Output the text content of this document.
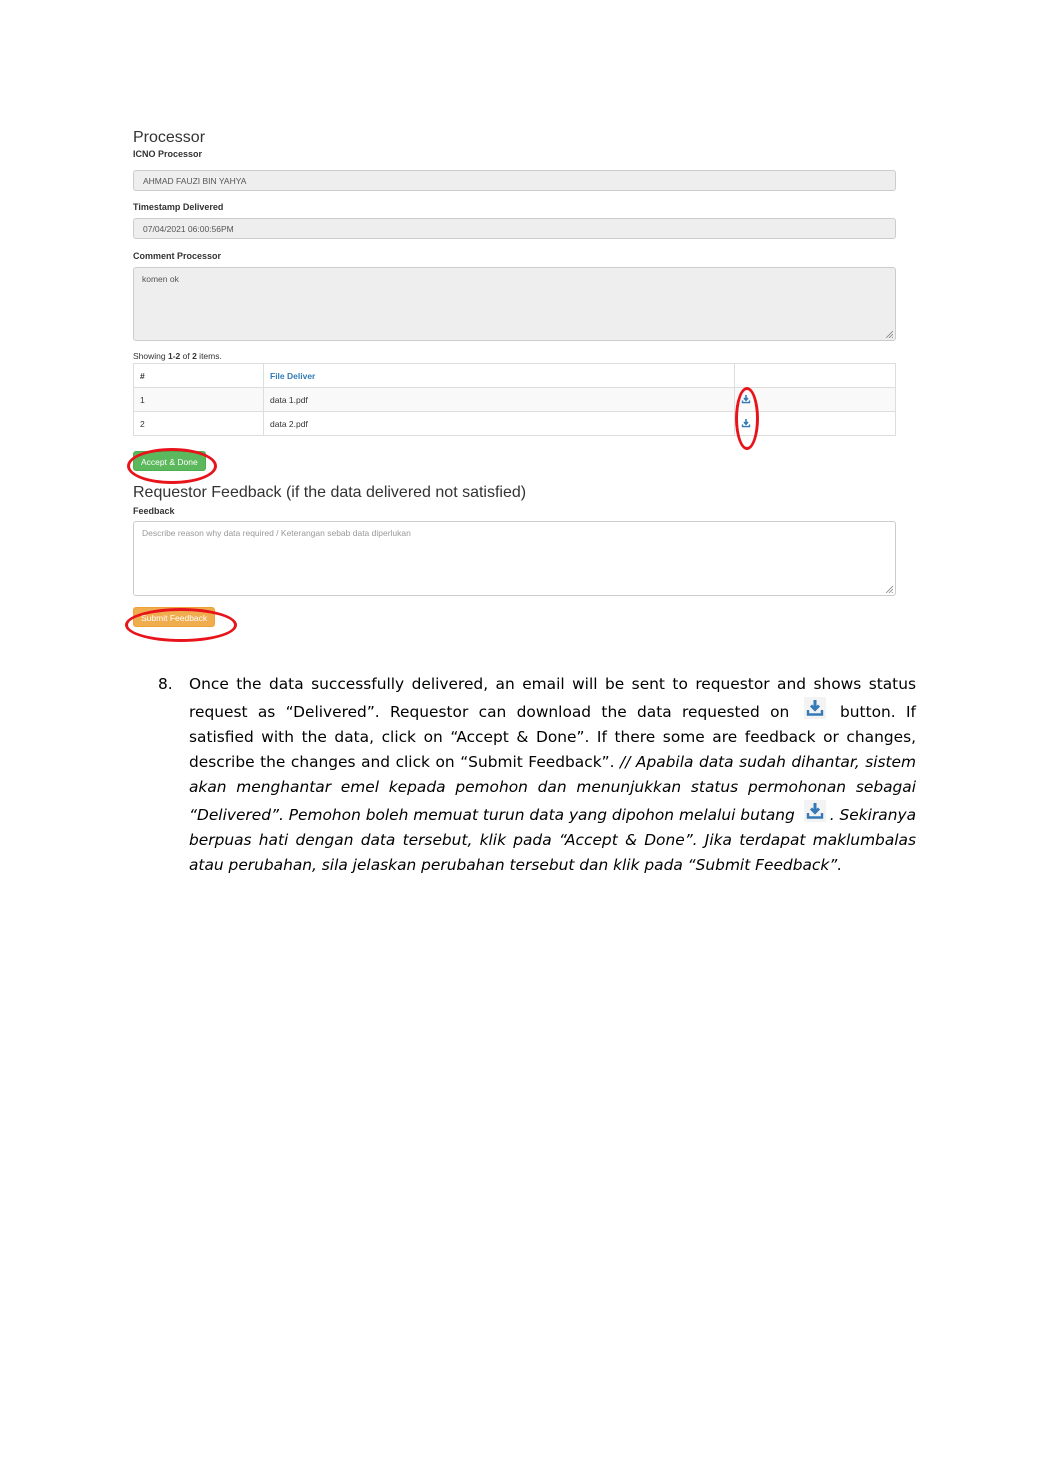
Processor
ICNO Processor
AHMAD FAUZI BIN YAHYA
Timestamp Delivered
07/04/2021 06:00:56PM
Comment Processor
komen ok
Showing 1-2 of 2 items.
#	File Deliver	
1	data 1.pdf	
2	data 2.pdf	
Accept & Done
Requestor Feedback (if the data delivered not satisfied)
Feedback
Describe reason why data required / Keterangan sebab data diperlukan
Submit Feedback
8. Once the data successfully delivered, an email will be sent to requestor and shows status request as “Delivered”. Requestor can download the data requested on	button. If satisfied with the data, click on “Accept & Done”. If there some are feedback or changes, describe the changes and click on “Submit Feedback”. // Apabila data sudah dihantar, sistem akan menghantar emel kepada pemohon dan menunjukkan status permohonan sebagai “Delivered”. Pemohon boleh memuat turun data yang dipohon melalui butang . Sekiranya berpuas hati dengan data tersebut, klik pada “Accept & Done”. Jika terdapat maklumbalas atau perubahan, sila jelaskan perubahan tersebut dan klik pada “Submit Feedback”.
